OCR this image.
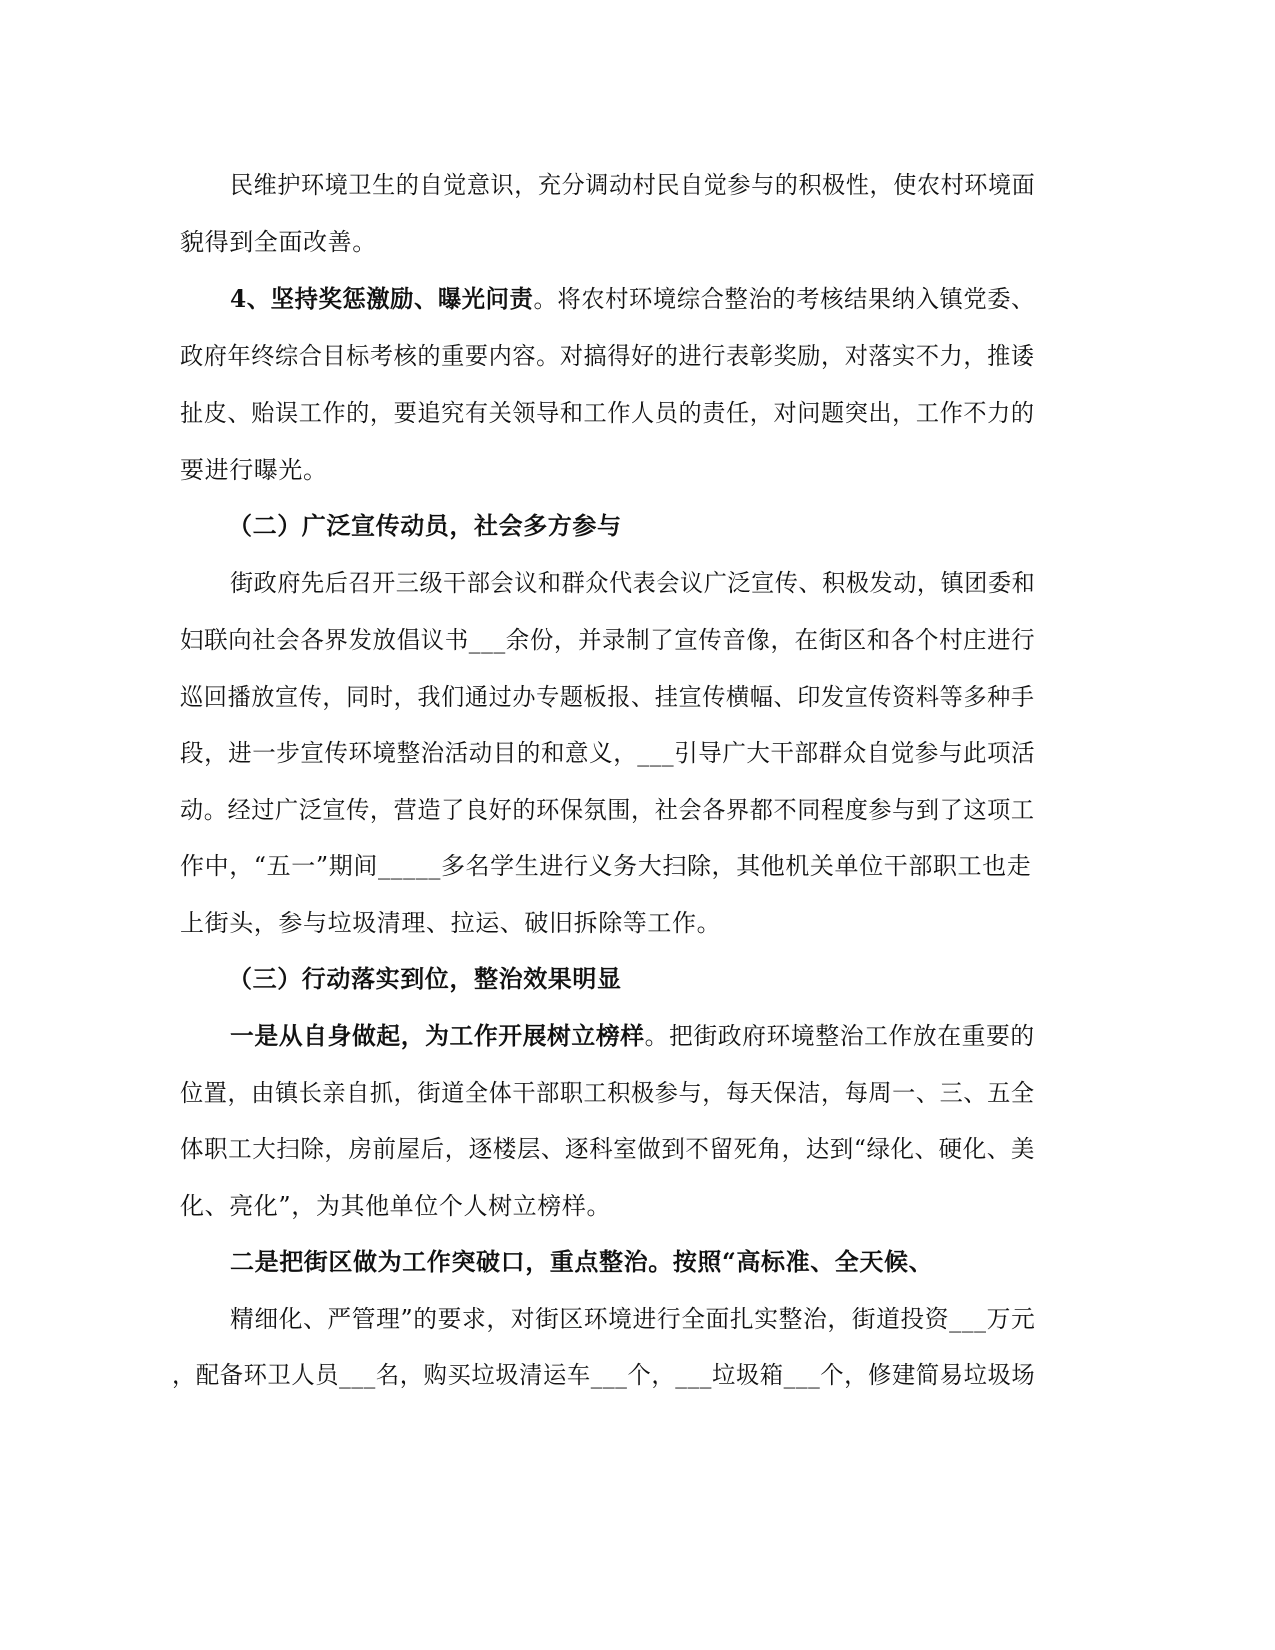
民维护环境卫生的自觉意识，充分调动村民自觉参与的积极性，使农村环境面
貌得到全面改善。
4、坚持奖惩激励、曝光问责。将农村环境综合整治的考核结果纳入镇党委、
政府年终综合目标考核的重要内容。对搞得好的进行表彰奖励，对落实不力，推诿
扯皮、贻误工作的，要追究有关领导和工作人员的责任，对问题突出，工作不力的
要进行曝光。
（二）广泛宣传动员，社会多方参与
街政府先后召开三级干部会议和群众代表会议广泛宣传、积极发动，镇团委和
妇联向社会各界发放倡议书___余份，并录制了宣传音像，在街区和各个村庄进行
巡回播放宣传，同时，我们通过办专题板报、挂宣传横幅、印发宣传资料等多种手
段，进一步宣传环境整治活动目的和意义，___引导广大干部群众自觉参与此项活
动。经过广泛宣传，营造了良好的环保氛围，社会各界都不同程度参与到了这项工
作中，“五一”期间_____多名学生进行义务大扫除，其他机关单位干部职工也走
上街头，参与垃圾清理、拉运、破旧拆除等工作。
（三）行动落实到位，整治效果明显
一是从自身做起，为工作开展树立榜样。把街政府环境整治工作放在重要的
位置，由镇长亲自抓，街道全体干部职工积极参与，每天保洁，每周一、三、五全
体职工大扫除，房前屋后，逐楼层、逐科室做到不留死角，达到“绿化、硬化、美
化、亮化”，为其他单位个人树立榜样。
二是把街区做为工作突破口，重点整治。按照“高标准、全天候、
精细化、严管理”的要求，对街区环境进行全面扎实整治，街道投资___万元
，配备环卫人员___名，购买垃圾清运车___个，___垃圾箱___个，修建简易垃圾场
